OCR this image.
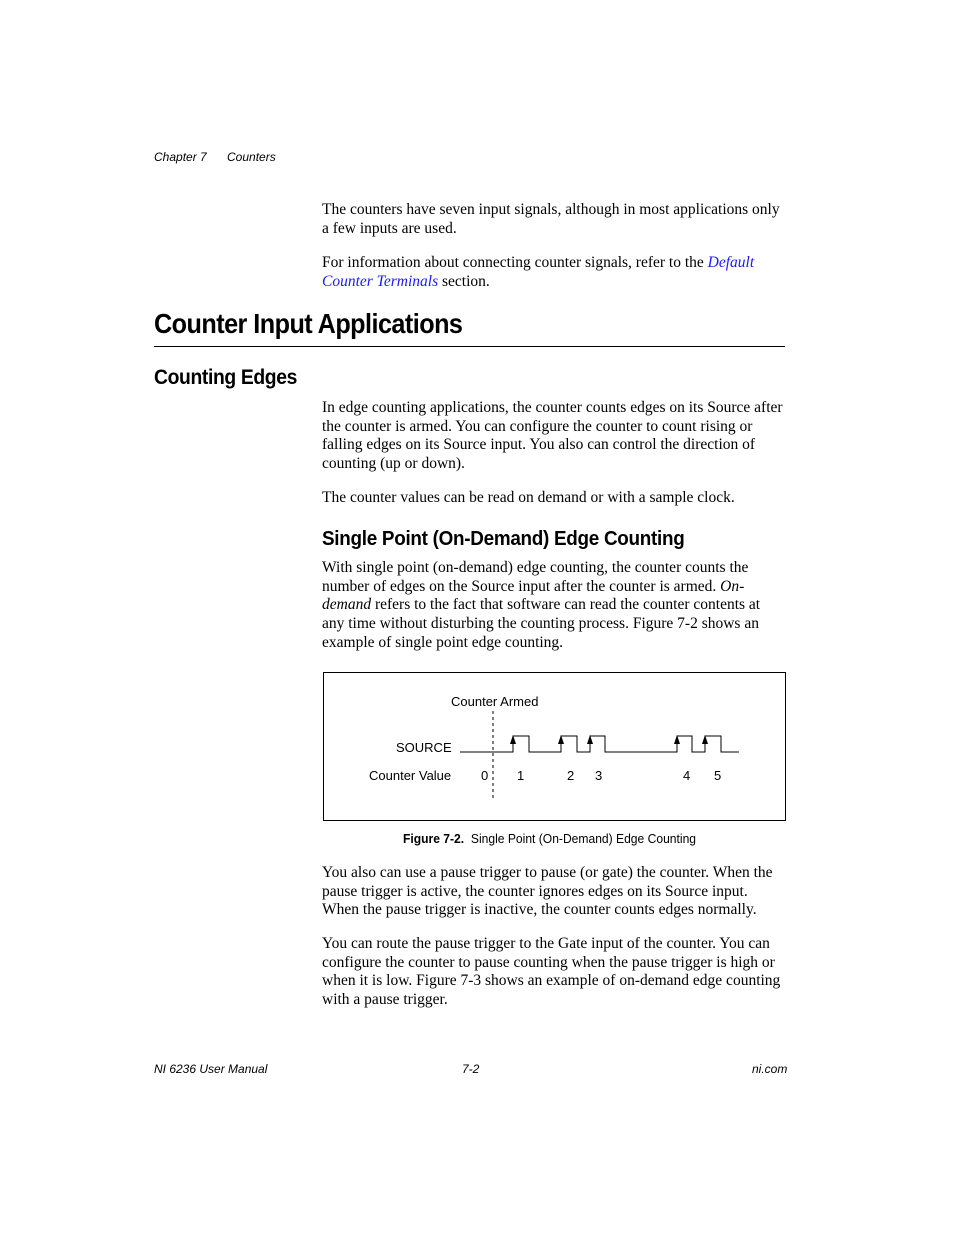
Chapter 7 Counters

The counters have seven input signals, although in most applications only a few inputs are used.

For information about connecting counter signals, refer to the Default Counter Terminals section.

Counter Input Applications
Counting Edges

In edge counting applications, the counter counts edges on its Source after the counter is armed. You can configure the counter to count rising or falling edges on its Source input. You also can control the direction of counting (up or down).

The counter values can be read on demand or with a sample clock.

Single Point (On-Demand) Edge Counting

With single point (on-demand) edge counting, the counter counts the number of edges on the Source input after the counter is armed. On-demand refers to the fact that software can read the counter contents at any time without disturbing the counting process. Figure 7-2 shows an example of single point edge counting.

Counter Armed
SOURCE
Counter Value 0 1	2 3	4 5
Figure 7-2. Single Point (On-Demand) Edge Counting

You also can use a pause trigger to pause (or gate) the counter. When the pause trigger is active, the counter ignores edges on its Source input. When the pause trigger is inactive, the counter counts edges normally.

You can route the pause trigger to the Gate input of the counter. You can configure the counter to pause counting when the pause trigger is high or when it is low. Figure 7-3 shows an example of on-demand edge counting with a pause trigger.

NI 6236 User Manual	7-2	ni.com
